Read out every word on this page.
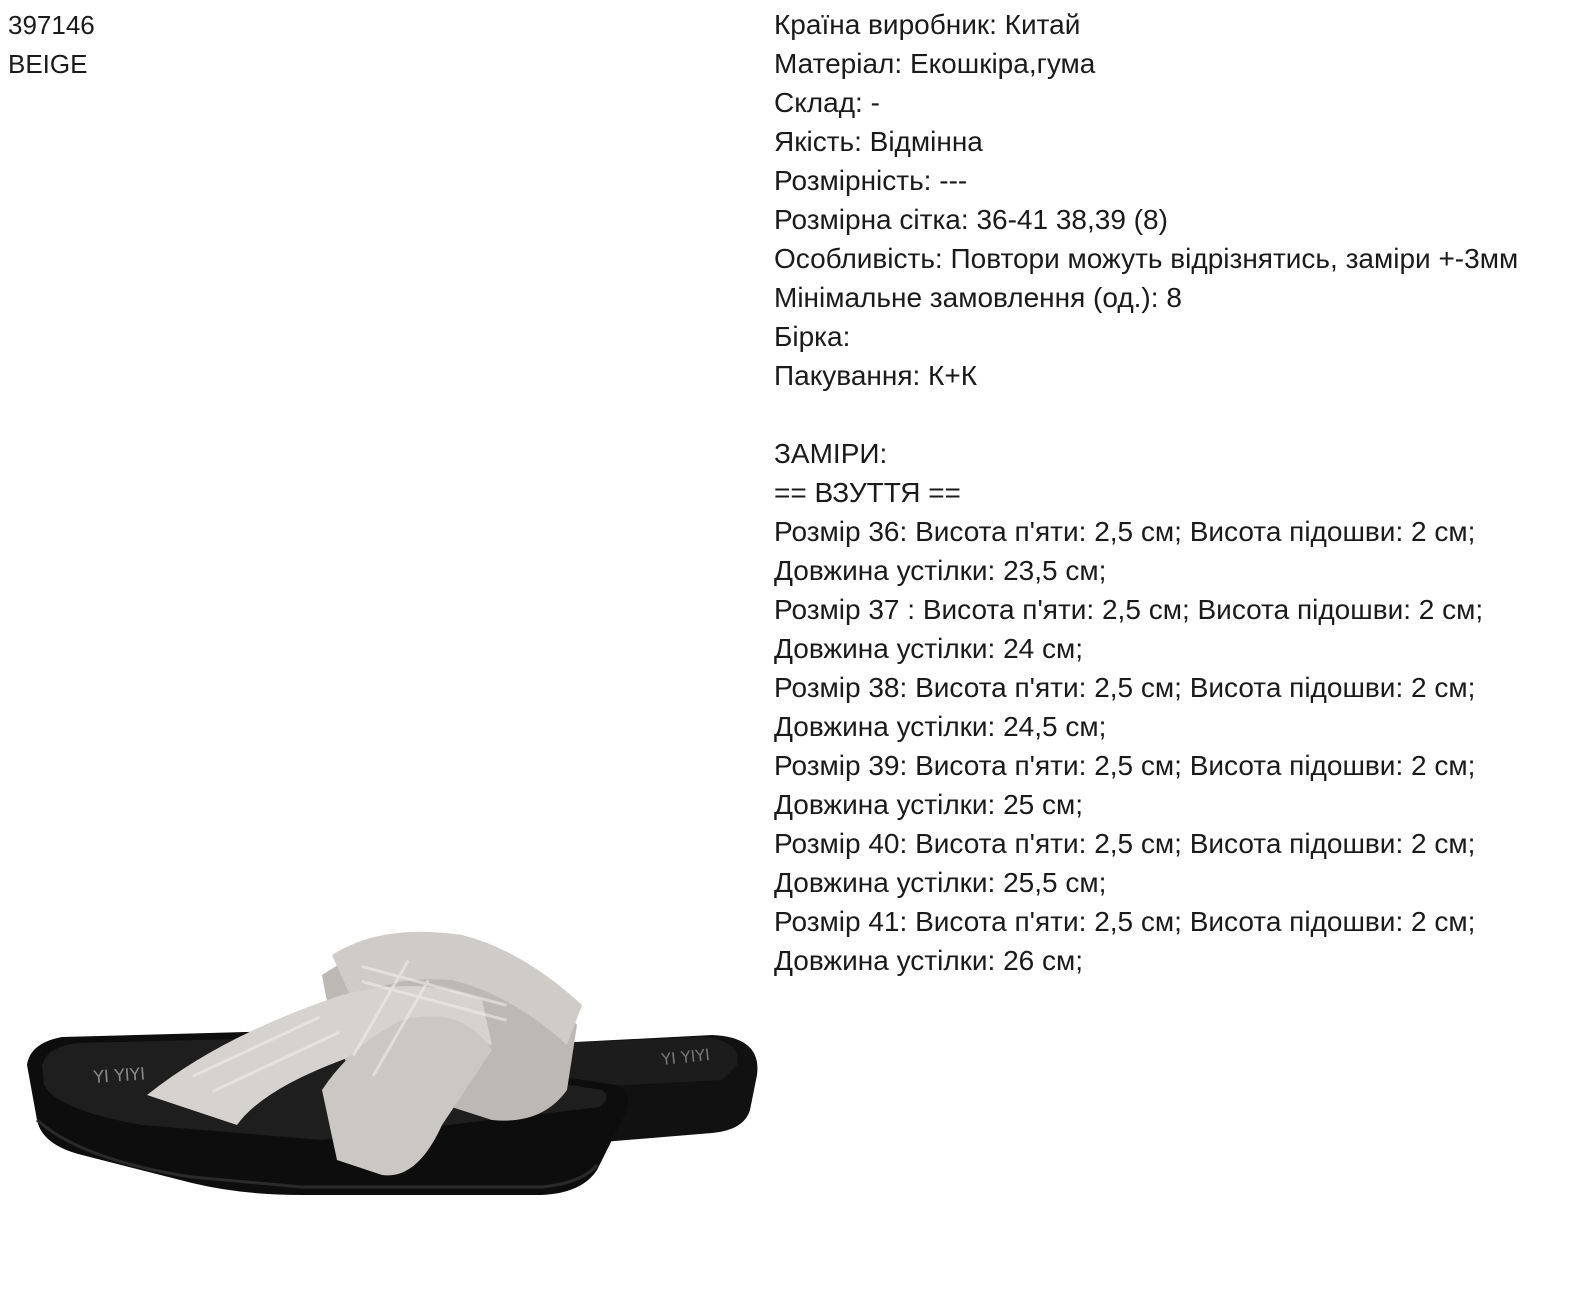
397146
BEIGE
YI YIYI
YI YIYI
Країна виробник: Китай
Матеріал: Екошкіра,гума
Склад: -
Якість: Відмінна
Розмірність: ---
Розмірна сітка: 36-41 38,39 (8)
Особливість: Повтори можуть відрізнятись, заміри +-3мм
Мінімальне замовлення (од.): 8
Бірка:
Пакування: К+К
ЗАМІРИ:
== ВЗУТТЯ ==
Розмір 36: Висота п'яти: 2,5 см; Висота підошви: 2 см;
Довжина устілки: 23,5 см;
Розмір 37 : Висота п'яти: 2,5 см; Висота підошви: 2 см;
Довжина устілки: 24 см;
Розмір 38: Висота п'яти: 2,5 см; Висота підошви: 2 см;
Довжина устілки: 24,5 см;
Розмір 39: Висота п'яти: 2,5 см; Висота підошви: 2 см;
Довжина устілки: 25 см;
Розмір 40: Висота п'яти: 2,5 см; Висота підошви: 2 см;
Довжина устілки: 25,5 см;
Розмір 41: Висота п'яти: 2,5 см; Висота підошви: 2 см;
Довжина устілки: 26 см;
